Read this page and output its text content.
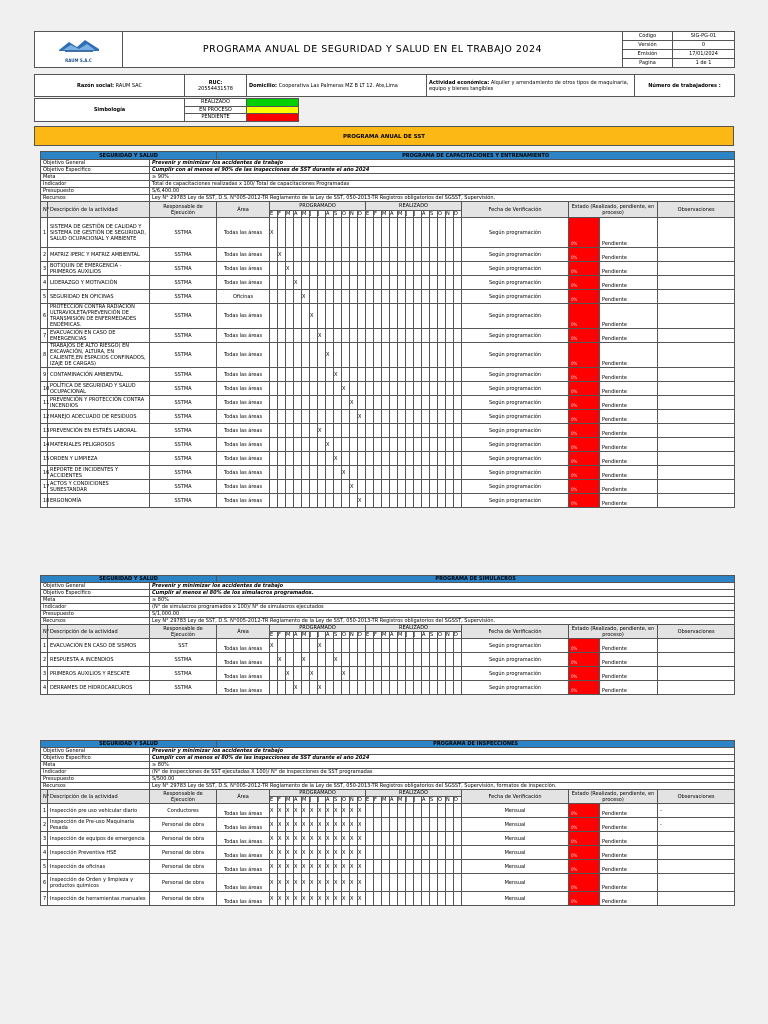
RAUM S.A.C	PROGRAMA ANUAL DE SEGURIDAD Y SALUD EN EL TRABAJO 2024	Código	SIG-PG-01
		Versión	0
		Emisión	17/01/2024
		Pagina	1 de 1
Razón social: RAUM SAC	RUC:
20554431578	Domicilio: Cooperativa Las Palmeras MZ B LT 12. Ate,Lima	Actividad económica: Alquiler y arrendamiento de otros tipos de maquinaria, equipo y bienes tangibles	Número de trabajadores :
Simbología	REALIZADO	
	EN PROCESO	
	PENDIENTE	
PROGRAMA ANUAL DE SST
SEGURIDAD Y SALUD			PROGRAMA DE CAPACITACIONES Y ENTRENAMIENTO																												
Objetivo General		Prevenir y minimizar los accidentes de trabajo																													
Objetivo Especifico		Cumplir con al menos el 90% de las inspecciones de SST durante el año 2024																													
Meta		≥ 90%																													
Indicador		Total de capacitaciones realizadas x 100/ Total de capacitaciones Programadas																													
Presupuesto		S/6,400.00																													
Recursos		Ley N° 29783 Ley de SST, D.S. N°005-2012-TR Reglamento de la Ley de SST, 050-2013-TR Registros obligatorios del SGSST, Supervisión.																													
N°	Descripción de la actividad	Responsable de Ejecución	Área	PROGRAMADO												REALIZADO												Fecha de Verificación	Estado (Realizado, pendiente, en proceso)		Observaciones
				E	F	M	A	M	J	J	A	S	O	N	D	E	F	M	A	M	J	J	A	S	O	N	D				
1	SISTEMA DE GESTIÓN DE CALIDAD Y SISTEMA DE GESTIÓN DE SEGURIDAD, SALUD OCUPACIONAL Y AMBIENTE	SSTMA	Todas las áreas	X																								Según programación	0%	Pendiente	
2	MATRIZ IPERC Y MATRIZ AMBIENTAL	SSTMA	Todas las áreas		X																							Según programación	0%	Pendiente	
3	BOTIQUIN DE EMERGENCIA -PRIMEROS AUXILIOS	SSTMA	Todas las áreas			X																						Según programación	0%	Pendiente	
4	LIDERAZGO Y MOTIVACIÓN	SSTMA	Todas las áreas				X																					Según programación	0%	Pendiente	
5	SEGURIDAD EN OFICINAS	SSTMA	Oficinas					X																				Según programación	0%	Pendiente	
6	PROTECCIÓN CONTRA RADIACIÓN ULTRAVIOLETA/PREVENCIÓN DE TRANSMISIÓN DE ENFERMEDADES ENDÉMICAS.	SSTMA	Todas las áreas						X																			Según programación	0%	Pendiente	
7	EVACUACIÓN EN CASO DE EMERGENCIAS	SSTMA	Todas las áreas							X																		Según programación	0%	Pendiente	
8	TRABAJOS DE ALTO RIESGO( EN EXCAVACIÓN, ALTURA, EN CALIENTE,EN ESPACIOS CONFINADOS, IZAJE DE CARGAS)	SSTMA	Todas las áreas								X																	Según programación	0%	Pendiente	
9	CONTAMINACIÓN AMBIENTAL	SSTMA	Todas las áreas									X																Según programación	0%	Pendiente	
10	POLÍTICA DE SEGURIDAD Y SALUD OCUPACIONAL	SSTMA	Todas las áreas										X															Según programación	0%	Pendiente	
11	PREVENCIÓN Y PROTECCIÓN CONTRA INCENDIOS	SSTMA	Todas las áreas											X														Según programación	0%	Pendiente	
12	MANEJO ADECUADO DE RESIDUOS	SSTMA	Todas las áreas												X													Según programación	0%	Pendiente	
13	PREVENCIÓN EN ESTRÉS LABORAL	SSTMA	Todas las áreas							X																		Según programación	0%	Pendiente	
14	MATERIALES PELIGROSOS	SSTMA	Todas las áreas								X																	Según programación	0%	Pendiente	
15	ORDEN Y LIMPIEZA	SSTMA	Todas las áreas									X																Según programación	0%	Pendiente	
16	REPORTE DE INCIDENTES Y ACCIDENTES	SSTMA	Todas las áreas										X															Según programación	0%	Pendiente	
17	ACTOS Y CONDICIONES SUBESTANDAR	SSTMA	Todas las áreas											X														Según programación	0%	Pendiente	
18	ERGONOMÍA	SSTMA	Todas las áreas												X													Según programación	0%	Pendiente	
SEGURIDAD Y SALUD			PROGRAMA DE SIMULACROS																												
Objetivo General		Prevenir y minimizar los accidentes de trabajo																													
Objetivo Especifico		Cumplir al menos el 80% de los simulacros programados.																													
Meta		≥ 80%																													
Indicador		(N° de simulacros programados x 100)/ N° de simulacros ejecutados																													
Presupuesto		S/1,000.00																													
Recursos		Ley N° 29783 Ley de SST, D.S. N°005-2012-TR Reglamento de la Ley de SST, 050-2013-TR Registros obligatorios del SGSST, Supervisión.																													
N°	Descripción de la actividad	Responsable de Ejecución	Área	PROGRAMADO												REALIZADO												Fecha de Verificación	Estado (Realizado, pendiente, en proceso)		Observaciones
				E	F	M	A	M	J	J	A	S	O	N	D	E	F	M	A	M	J	J	A	S	O	N	D				
1	EVACUACIÓN EN CASO DE SISMOS	SST	Todas las áreas	X						X																		Según programación	0%	Pendiente	
2	RESPUESTA A INCENDIOS	SSTMA	Todas las áreas		X			X				X																Según programación	0%	Pendiente	
3	PRIMEROS AUXILIOS Y RESCATE	SSTMA	Todas las áreas			X			X				X															Según programación	0%	Pendiente	
4	DERRAMES DE HIDROCARCUROS	SSTMA	Todas las áreas				X			X																		Según programación	0%	Pendiente	
SEGURIDAD Y SALUD			PROGRAMA DE INSPECCIONES																												
Objetivo General		Prevenir y minimizar los accidentes de trabajo																													
Objetivo Especifico		Cumplir con al menos el 80% de las inspecciones de SST durante el año 2024																													
Meta		≥ 80%																													
Indicador		(N° de inspecciones de SST ejecutadas X 100)/ N° de inspecciones de SST programadas																													
Presupuesto		S/500.00																													
Recursos		Ley N° 29783 Ley de SST, D.S. N°005-2012-TR Reglamento de la Ley de SST, 050-2013-TR Registros obligatorios del SGSST, Supervisión, formatos de inspección.																													
N°	Descripción de la actividad	Responsable de Ejecución	Área	PROGRAMADO												REALIZADO												Fecha de Verificación	Estado (Realizado, pendiente, en proceso)		Observaciones
				E	F	M	A	M	J	J	A	S	O	N	D	E	F	M	A	M	J	J	A	S	O	N	D				
1	Inspección pre uso vehicular diario	Conductores	Todas las áreas	X	X	X	X	X	X	X	X	X	X	X	X													Mensual	0%	Pendiente	-
2	Inspección de Pre-uso Maquinaria Pesada	Personal de obra	Todas las áreas	X	X	X	X	X	X	X	X	X	X	X	X													Mensual	0%	Pendiente	-
3	Inspección de equipos de emergencia	Personal de obra	Todas las áreas	X	X	X	X	X	X	X	X	X	X	X	X													Mensual	0%	Pendiente	
4	Inspección Preventiva HSE	Personal de obra	Todas las áreas	X	X	X	X	X	X	X	X	X	X	X	X													Mensual	0%	Pendiente	
5	Inspección de oficinas	Personal de obra	Todas las áreas	X	X	X	X	X	X	X	X	X	X	X	X													Mensual	0%	Pendiente	
6	Inspección de Orden y limpieza y productos químicos	Personal de obra	Todas las áreas	X	X	X	X	X	X	X	X	X	X	X	X													Mensual	0%	Pendiente	
7	Inspección de herramientas manuales	Personal de obra	Todas las áreas	X	X	X	X	X	X	X	X	X	X	X	X													Mensual	0%	Pendiente	
